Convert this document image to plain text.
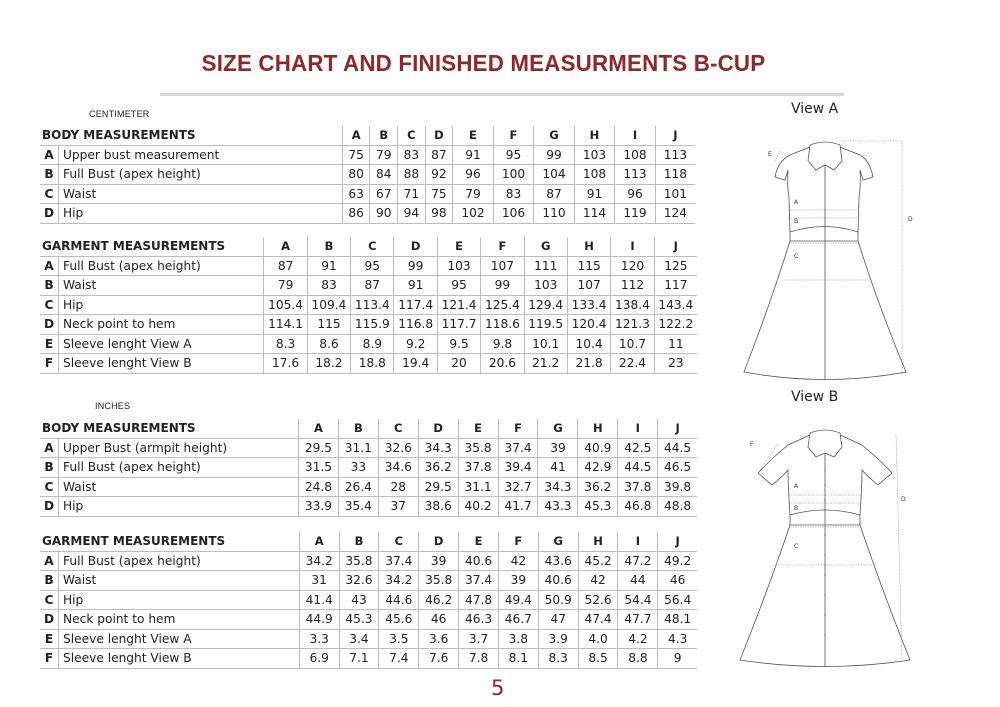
SIZE CHART AND FINISHED MEASURMENTS B-CUP
CENTIMETER
INCHES
BODY MEASUREMENTS		A	B	C	D	E	F	G	H	I	J
A	Upper bust measurement	75	79	83	87	91	95	99	103	108	113
B	Full Bust (apex height)	80	84	88	92	96	100	104	108	113	118
C	Waist	63	67	71	75	79	83	87	91	96	101
D	Hip	86	90	94	98	102	106	110	114	119	124
GARMENT MEASUREMENTS		A	B	C	D	E	F	G	H	I	J
A	Full Bust (apex height)	87	91	95	99	103	107	111	115	120	125
B	Waist	79	83	87	91	95	99	103	107	112	117
C	Hip	105.4	109.4	113.4	117.4	121.4	125.4	129.4	133.4	138.4	143.4
D	Neck point to hem	114.1	115	115.9	116.8	117.7	118.6	119.5	120.4	121.3	122.2
E	Sleeve lenght View A	8.3	8.6	8.9	9.2	9.5	9.8	10.1	10.4	10.7	11
F	Sleeve lenght View B	17.6	18.2	18.8	19.4	20	20.6	21.2	21.8	22.4	23
BODY MEASUREMENTS		A	B	C	D	E	F	G	H	I	J
A	Upper Bust (armpit height)	29.5	31.1	32.6	34.3	35.8	37.4	39	40.9	42.5	44.5
B	Full Bust (apex height)	31.5	33	34.6	36.2	37.8	39.4	41	42.9	44.5	46.5
C	Waist	24.8	26.4	28	29.5	31.1	32.7	34.3	36.2	37.8	39.8
D	Hip	33.9	35.4	37	38.6	40.2	41.7	43.3	45.3	46.8	48.8
GARMENT MEASUREMENTS		A	B	C	D	E	F	G	H	I	J
A	Full Bust (apex height)	34.2	35.8	37.4	39	40.6	42	43.6	45.2	47.2	49.2
B	Waist	31	32.6	34.2	35.8	37.4	39	40.6	42	44	46
C	Hip	41.4	43	44.6	46.2	47.8	49.4	50.9	52.6	54.4	56.4
D	Neck point to hem	44.9	45.3	45.6	46	46.3	46.7	47	47.4	47.7	48.1
E	Sleeve lenght View A	3.3	3.4	3.5	3.6	3.7	3.8	3.9	4.0	4.2	4.3
F	Sleeve lenght View B	6.9	7.1	7.4	7.6	7.8	8.1	8.3	8.5	8.8	9
View A
E
A
B
C
D
View B
F
A
B
C
D
5
